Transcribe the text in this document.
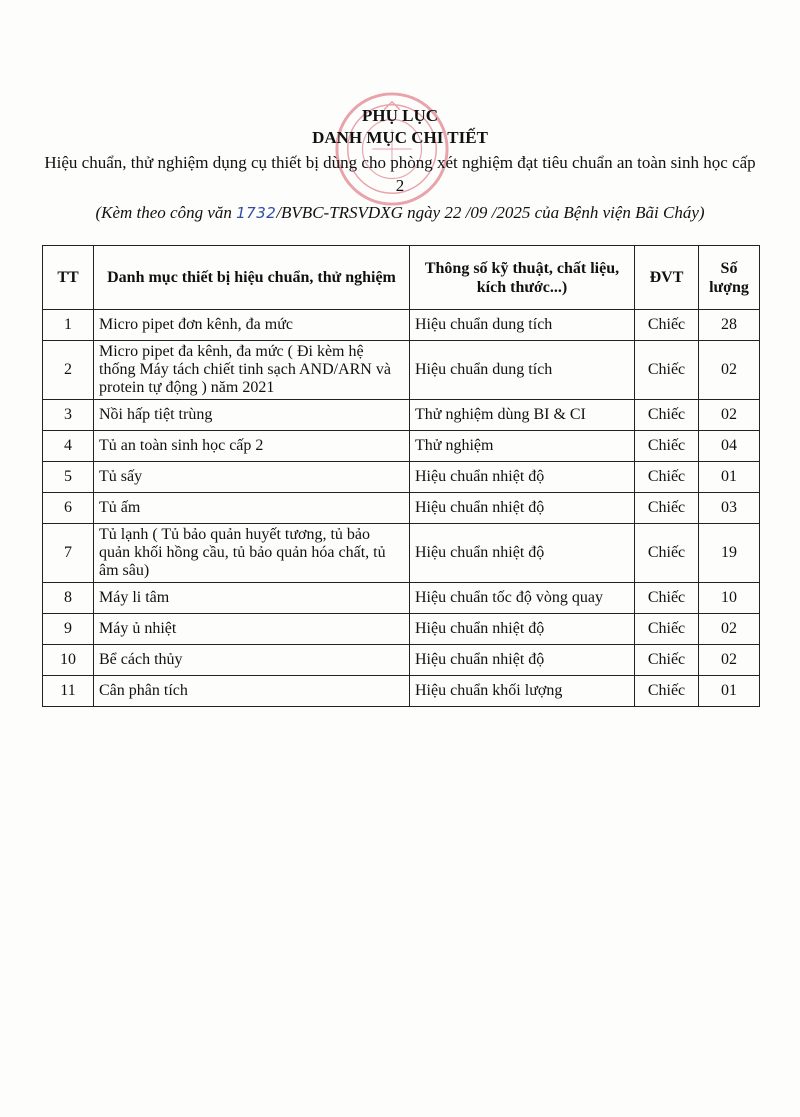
PHỤ LỤC
DANH MỤC CHI TIẾT
Hiệu chuẩn, thử nghiệm dụng cụ thiết bị dùng cho phòng xét nghiệm đạt tiêu chuẩn an toàn sinh học cấp 2
(Kèm theo công văn 1732/BVBC-TRSVDXG ngày 22 /09 /2025 của Bệnh viện Bãi Cháy)
TT	Danh mục thiết bị hiệu chuẩn, thử nghiệm	Thông số kỹ thuật, chất liệu, kích thước...)	ĐVT	Số lượng
1	Micro pipet đơn kênh, đa mức	Hiệu chuẩn dung tích	Chiếc	28
2	Micro pipet đa kênh, đa mức ( Đi kèm hệ thống Máy tách chiết tinh sạch AND/ARN và protein tự động ) năm 2021	Hiệu chuẩn dung tích	Chiếc	02
3	Nồi hấp tiệt trùng	Thử nghiệm dùng BI & CI	Chiếc	02
4	Tủ an toàn sinh học cấp 2	Thử nghiệm	Chiếc	04
5	Tủ sấy	Hiệu chuẩn nhiệt độ	Chiếc	01
6	Tủ ấm	Hiệu chuẩn nhiệt độ	Chiếc	03
7	Tủ lạnh ( Tủ bảo quản huyết tương, tủ bảo quản khối hồng cầu, tủ bảo quản hóa chất, tủ âm sâu)	Hiệu chuẩn nhiệt độ	Chiếc	19
8	Máy li tâm	Hiệu chuẩn tốc độ vòng quay	Chiếc	10
9	Máy ủ nhiệt	Hiệu chuẩn nhiệt độ	Chiếc	02
10	Bể cách thủy	Hiệu chuẩn nhiệt độ	Chiếc	02
11	Cân phân tích	Hiệu chuẩn khối lượng	Chiếc	01
